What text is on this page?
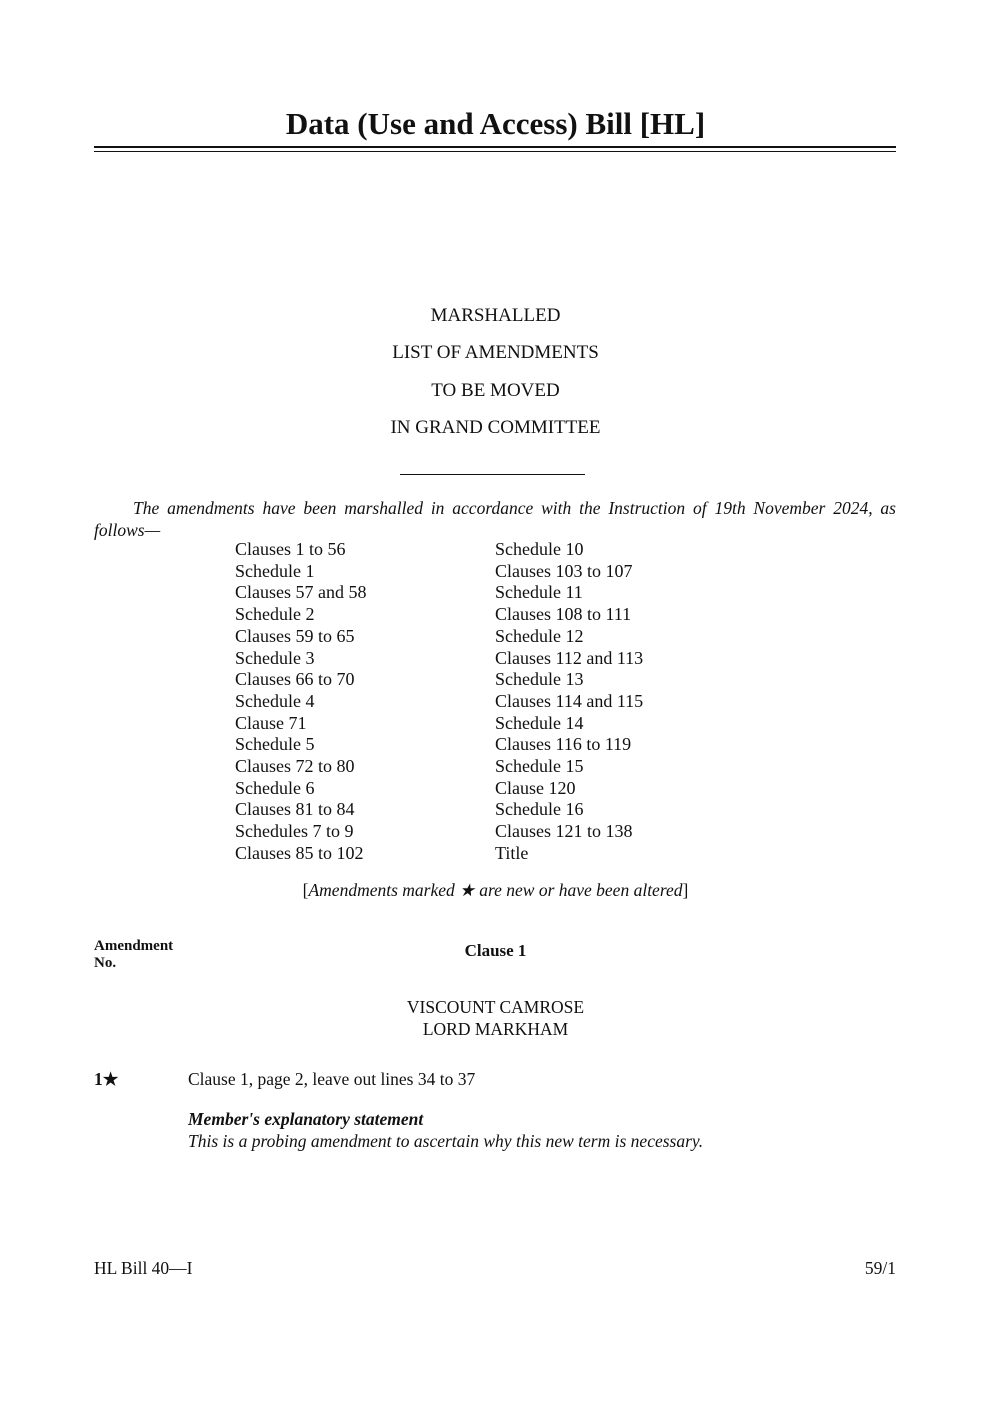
Data (Use and Access) Bill [HL]
MARSHALLED
LIST OF AMENDMENTS
TO BE MOVED
IN GRAND COMMITTEE
The amendments have been marshalled in accordance with the Instruction of 19th November 2024, as follows—
Clauses 1 to 56
Schedule 1
Clauses 57 and 58
Schedule 2
Clauses 59 to 65
Schedule 3
Clauses 66 to 70
Schedule 4
Clause 71
Schedule 5
Clauses 72 to 80
Schedule 6
Clauses 81 to 84
Schedules 7 to 9
Clauses 85 to 102
Schedule 10
Clauses 103 to 107
Schedule 11
Clauses 108 to 111
Schedule 12
Clauses 112 and 113
Schedule 13
Clauses 114 and 115
Schedule 14
Clauses 116 to 119
Schedule 15
Clause 120
Schedule 16
Clauses 121 to 138
Title
[Amendments marked ★ are new or have been altered]
Amendment
No.
Clause 1
VISCOUNT CAMROSE
LORD MARKHAM
1★	Clause 1, page 2, leave out lines 34 to 37
Member's explanatory statement
This is a probing amendment to ascertain why this new term is necessary.
HL Bill 40—I	59/1
